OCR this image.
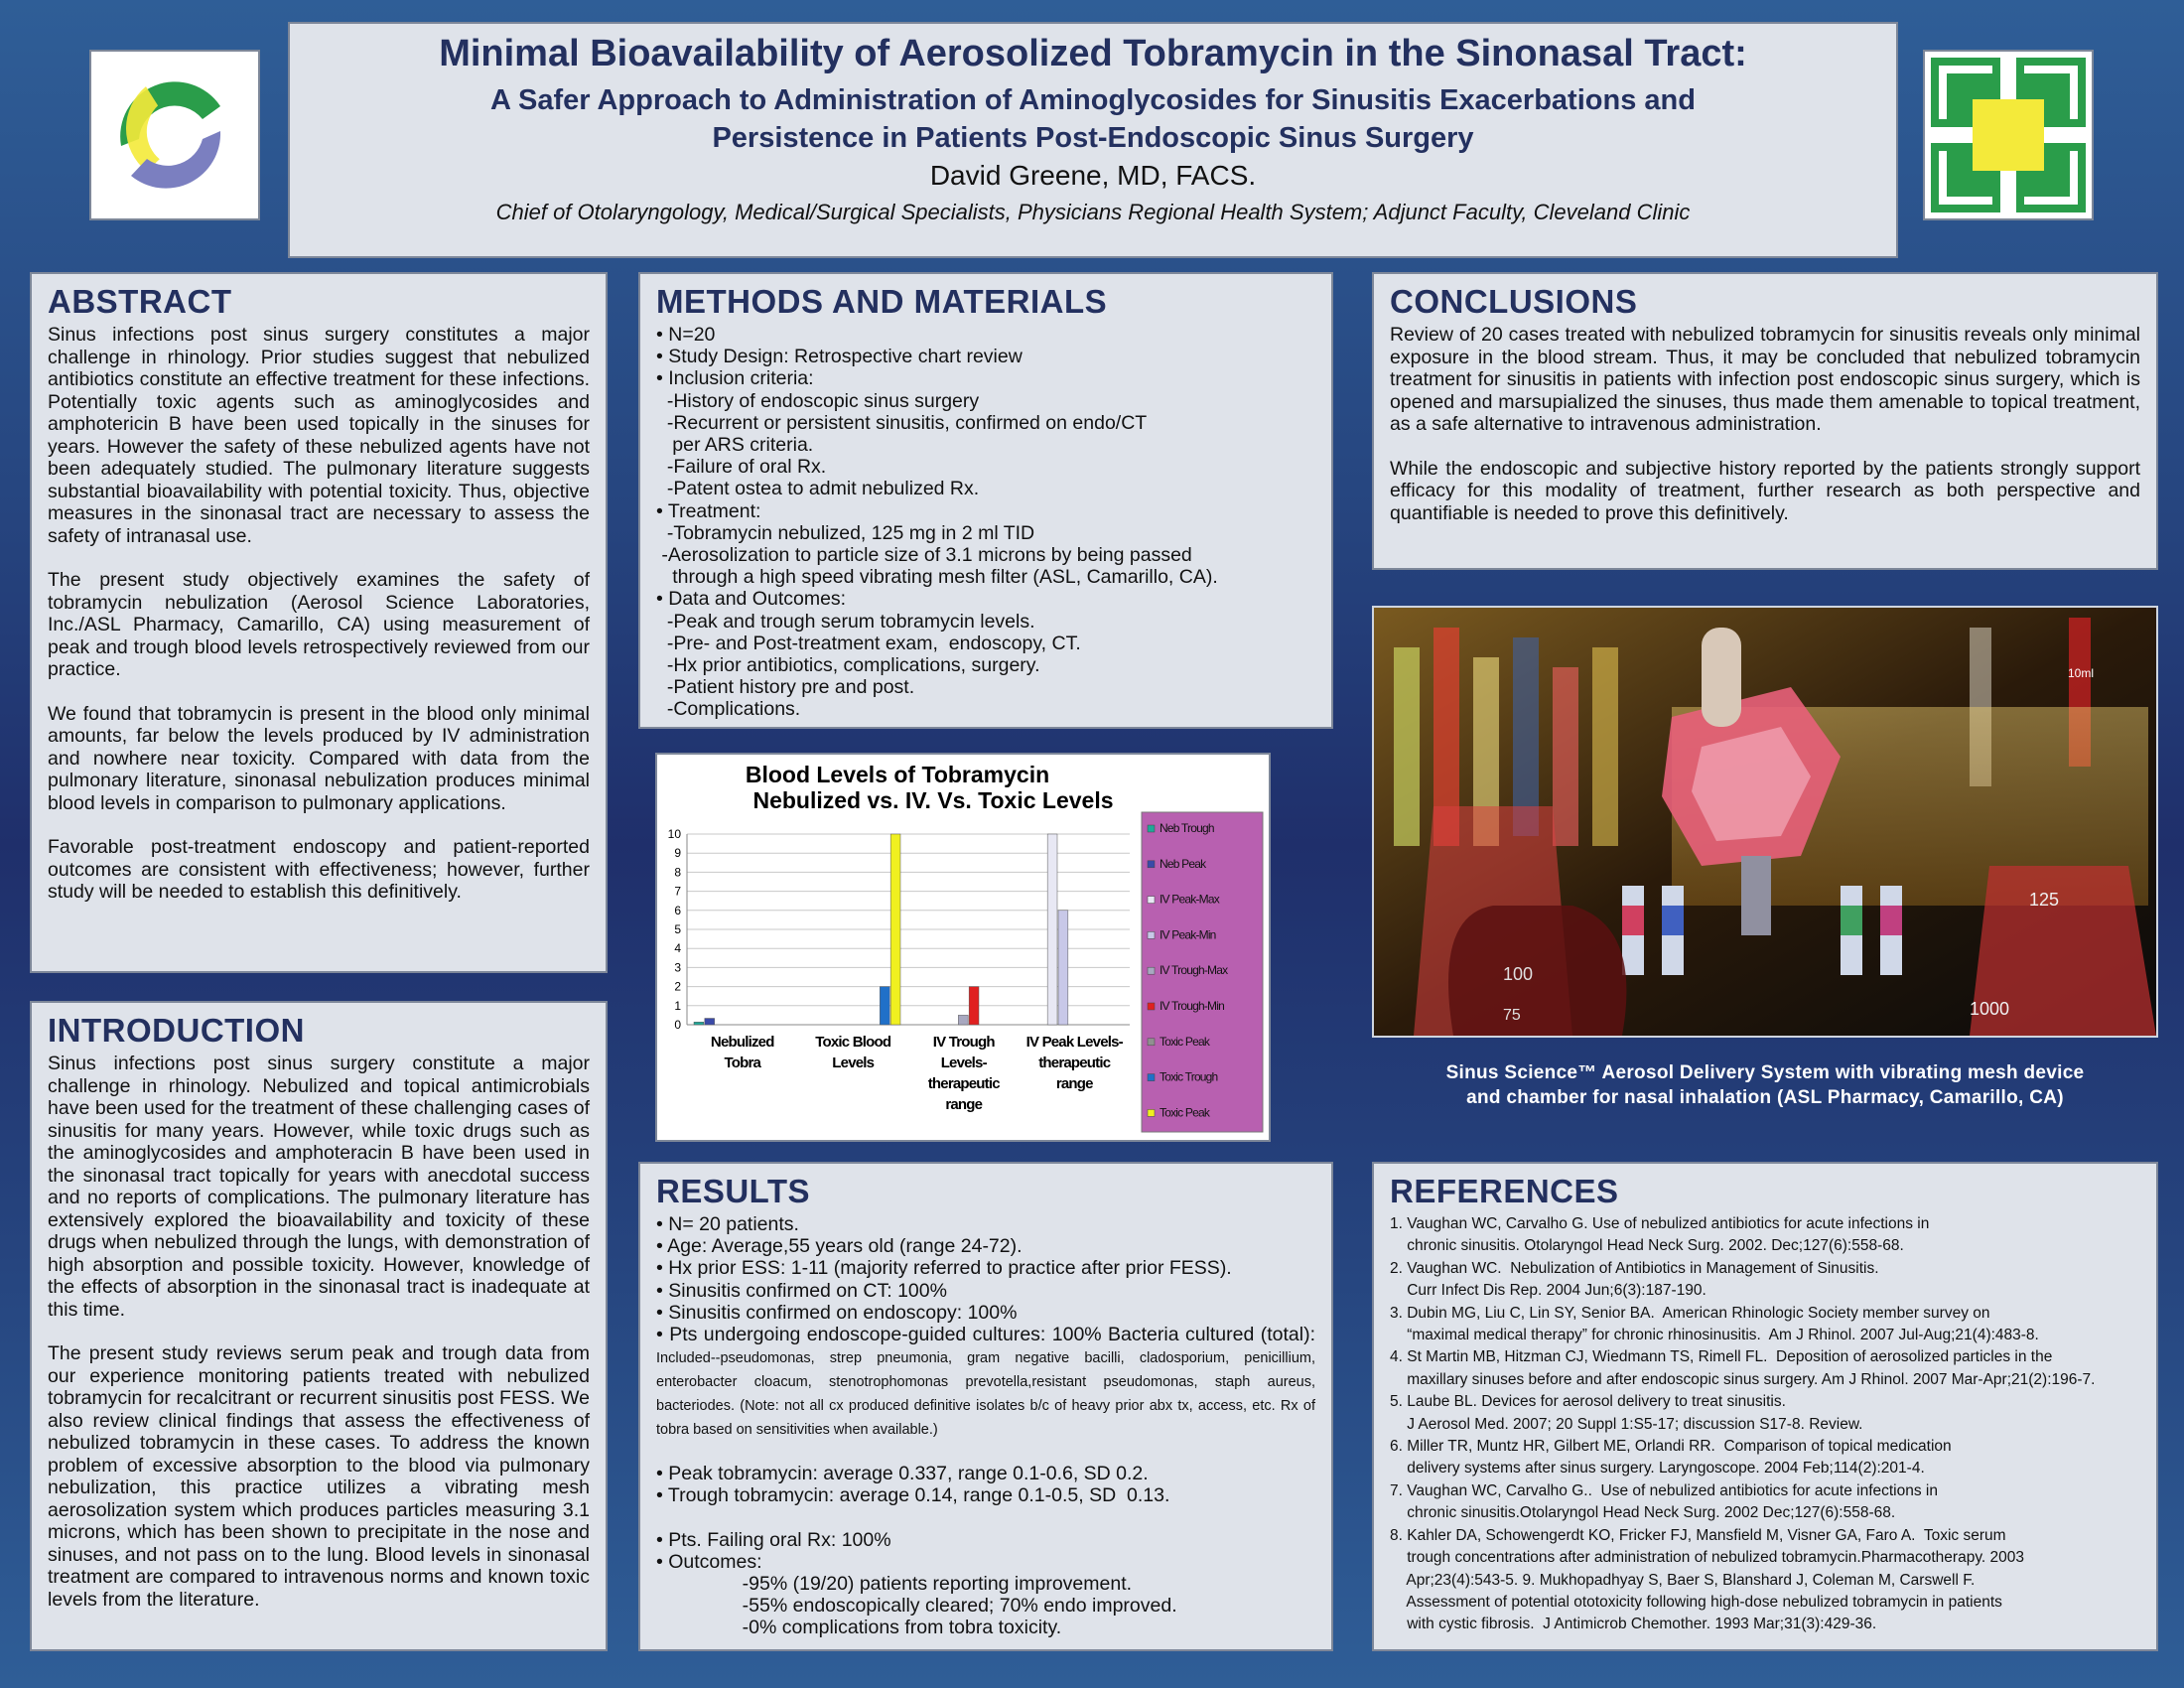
Minimal Bioavailability of Aerosolized Tobramycin in the Sinonasal Tract:
A Safer Approach to Administration of Aminoglycosides for Sinusitis Exacerbations and Persistence in Patients Post-Endoscopic Sinus Surgery
David Greene, MD, FACS.
Chief of Otolaryngology, Medical/Surgical Specialists, Physicians Regional Health System; Adjunct Faculty, Cleveland Clinic
ABSTRACT

Sinus infections post sinus surgery constitutes a major challenge in rhinology. Prior studies suggest that nebulized antibiotics constitute an effective treatment for these infections. Potentially toxic agents such as aminoglycosides and amphotericin B have been used topically in the sinuses for years. However the safety of these nebulized agents have not been adequately studied. The pulmonary literature suggests substantial bioavailability with potential toxicity. Thus, objective measures in the sinonasal tract are necessary to assess the safety of intranasal use.

The present study objectively examines the safety of tobramycin nebulization (Aerosol Science Laboratories, Inc./ASL Pharmacy, Camarillo, CA) using measurement of peak and trough blood levels retrospectively reviewed from our practice.

We found that tobramycin is present in the blood only minimal amounts, far below the levels produced by IV administration and nowhere near toxicity. Compared with data from the pulmonary literature, sinonasal nebulization produces minimal blood levels in comparison to pulmonary applications.

Favorable post-treatment endoscopy and patient-reported outcomes are consistent with effectiveness; however, further study will be needed to establish this definitively.

INTRODUCTION

Sinus infections post sinus surgery constitute a major challenge in rhinology. Nebulized and topical antimicrobials have been used for the treatment of these challenging cases of sinusitis for many years. However, while toxic drugs such as the aminoglycosides and amphoteracin B have been used in the sinonasal tract topically for years with anecdotal success and no reports of complications. The pulmonary literature has extensively explored the bioavailability and toxicity of these drugs when nebulized through the lungs, with demonstration of high absorption and possible toxicity. However, knowledge of the effects of absorption in the sinonasal tract is inadequate at this time.

The present study reviews serum peak and trough data from our experience monitoring patients treated with nebulized tobramycin for recalcitrant or recurrent sinusitis post FESS. We also review clinical findings that assess the effectiveness of nebulized tobramycin in these cases. To address the known problem of excessive absorption to the blood via pulmonary nebulization, this practice utilizes a vibrating mesh aerosolization system which produces particles measuring 3.1 microns, which has been shown to precipitate in the nose and sinuses, and not pass on to the lung. Blood levels in sinonasal treatment are compared to intravenous norms and known toxic levels from the literature.

METHODS AND MATERIALS
• N=20
• Study Design: Retrospective chart review
• Inclusion criteria:
-History of endoscopic sinus surgery
-Recurrent or persistent sinusitis, confirmed on endo/CT
per ARS criteria.
-Failure of oral Rx.
-Patent ostea to admit nebulized Rx.
• Treatment:
-Tobramycin nebulized, 125 mg in 2 ml TID
-Aerosolization to particle size of 3.1 microns by being passed
through a high speed vibrating mesh filter (ASL, Camarillo, CA).
• Data and Outcomes:
-Peak and trough serum tobramycin levels.
-Pre- and Post-treatment exam,  endoscopy, CT.
-Hx prior antibiotics, complications, surgery.
-Patient history pre and post.
-Complications.
Blood Levels of Tobramycin
Nebulized vs. IV. Vs. Toxic Levels
0
1
2
3
4
5
6
7
8
9
10
Nebulized
Tobra
Toxic Blood
Levels
IV Trough
Levels-
therapeutic
range
IV Peak Levels-
therapeutic
range
Neb Trough
Neb Peak
IV Peak-Max
IV Peak-Min
IV Trough-Max
IV Trough-Min
Toxic Peak
Toxic Trough
Toxic Peak
RESULTS
• N= 20 patients.
• Age: Average,55 years old (range 24-72).
• Hx prior ESS: 1-11 (majority referred to practice after prior FESS).
• Sinusitis confirmed on CT: 100%
• Sinusitis confirmed on endoscopy: 100%
• Pts undergoing endoscope-guided cultures: 100% Bacteria cultured (total): Included--pseudomonas, strep pneumonia, gram negative bacilli, cladosporium, penicillium, enterobacter cloacum, stenotrophomonas prevotella,resistant pseudomonas, staph aureus, bacteriodes. (Note: not all cx produced definitive isolates b/c of heavy prior abx tx, access, etc. Rx of tobra based on sensitivities when available.)
• Peak tobramycin: average 0.337, range 0.1-0.6, SD 0.2.
• Trough tobramycin: average 0.14, range 0.1-0.5, SD  0.13.
• Pts. Failing oral Rx: 100%
• Outcomes:
-95% (19/20) patients reporting improvement.
-55% endoscopically cleared; 70% endo improved.
-0% complications from tobra toxicity.
CONCLUSIONS

Review of 20 cases treated with nebulized tobramycin for sinusitis reveals only minimal exposure in the blood stream. Thus, it may be concluded that nebulized tobramycin treatment for sinusitis in patients with infection post endoscopic sinus surgery, which is opened and marsupialized the sinuses, thus made them amenable to topical treatment, as a safe alternative to intravenous administration.

While the endoscopic and subjective history reported by the patients strongly support efficacy for this modality of treatment, further research as both perspective and quantifiable is needed to prove this definitively.

10ml
100
75
125
1000
Sinus Science™ Aerosol Delivery System with vibrating mesh device
and chamber for nasal inhalation (ASL Pharmacy, Camarillo, CA)
REFERENCES
1. Vaughan WC, Carvalho G. Use of nebulized antibiotics for acute infections in
chronic sinusitis. Otolaryngol Head Neck Surg. 2002. Dec;127(6):558-68.
2. Vaughan WC.  Nebulization of Antibiotics in Management of Sinusitis.
Curr Infect Dis Rep. 2004 Jun;6(3):187-190.
3. Dubin MG, Liu C, Lin SY, Senior BA.  American Rhinologic Society member survey on
“maximal medical therapy” for chronic rhinosinusitis.  Am J Rhinol. 2007 Jul-Aug;21(4):483-8.
4. St Martin MB, Hitzman CJ, Wiedmann TS, Rimell FL.  Deposition of aerosolized particles in the
maxillary sinuses before and after endoscopic sinus surgery. Am J Rhinol. 2007 Mar-Apr;21(2):196-7.
5. Laube BL. Devices for aerosol delivery to treat sinusitis.
J Aerosol Med. 2007; 20 Suppl 1:S5-17; discussion S17-8. Review.
6. Miller TR, Muntz HR, Gilbert ME, Orlandi RR.  Comparison of topical medication
delivery systems after sinus surgery. Laryngoscope. 2004 Feb;114(2):201-4.
7. Vaughan WC, Carvalho G..  Use of nebulized antibiotics for acute infections in
chronic sinusitis.Otolaryngol Head Neck Surg. 2002 Dec;127(6):558-68.
8. Kahler DA, Schowengerdt KO, Fricker FJ, Mansfield M, Visner GA, Faro A.  Toxic serum
trough concentrations after administration of nebulized tobramycin.Pharmacotherapy. 2003
Apr;23(4):543-5. 9. Mukhopadhyay S, Baer S, Blanshard J, Coleman M, Carswell F.
Assessment of potential ototoxicity following high-dose nebulized tobramycin in patients
with cystic fibrosis.  J Antimicrob Chemother. 1993 Mar;31(3):429-36.
